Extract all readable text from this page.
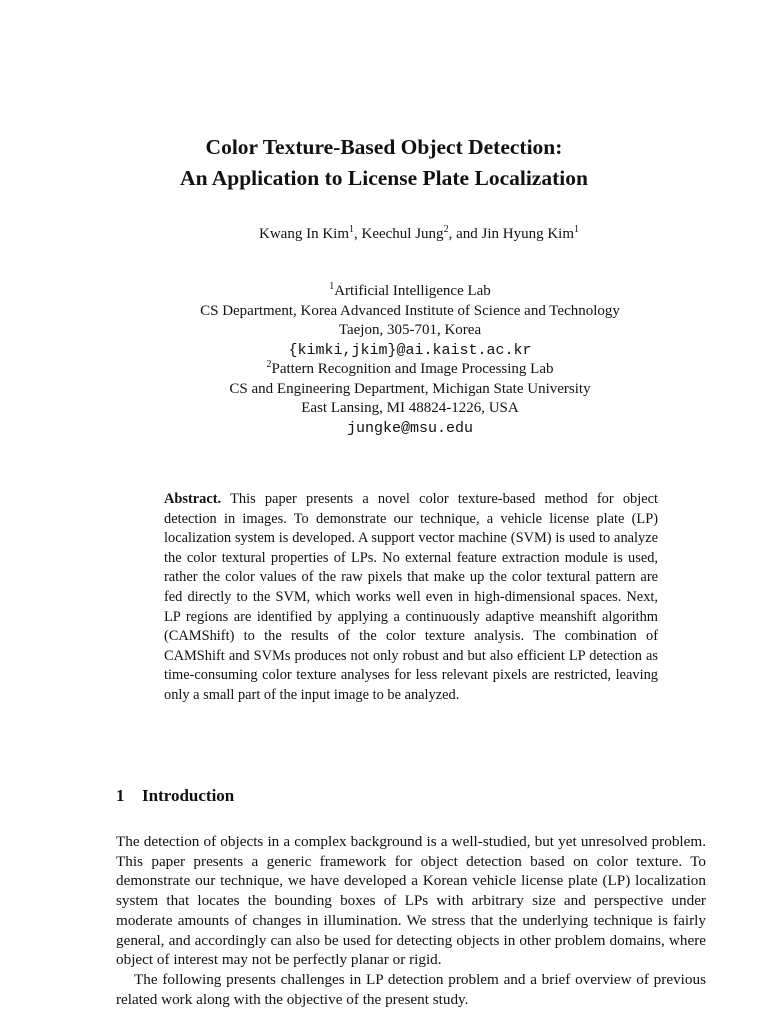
Color Texture-Based Object Detection:
An Application to License Plate Localization
Kwang In Kim$^1$, Keechul Jung$^2$, and Jin Hyung Kim$^1$
$^1$Artificial Intelligence Lab
CS Department, Korea Advanced Institute of Science and Technology
Taejon, 305-701, Korea
{kimki,jkim}@ai.kaist.ac.kr
$^2$Pattern Recognition and Image Processing Lab
CS and Engineering Department, Michigan State University
East Lansing, MI 48824-1226, USA
jungke@msu.edu
Abstract. This paper presents a novel color texture-based method for object detection in images. To demonstrate our technique, a vehicle license plate (LP) localization system is developed. A support vector machine (SVM) is used to analyze the color textural properties of LPs. No external feature extraction module is used, rather the color values of the raw pixels that make up the color textural pattern are fed directly to the SVM, which works well even in high-dimensional spaces. Next, LP regions are identified by applying a continuously adaptive meanshift algorithm (CAMShift) to the results of the color texture analysis. The combination of CAMShift and SVMs produces not only robust and but also efficient LP detection as time-consuming color texture analyses for less relevant pixels are restricted, leaving only a small part of the input image to be analyzed.
1 Introduction

The detection of objects in a complex background is a well-studied, but yet unresolved problem. This paper presents a generic framework for object detection based on color texture. To demonstrate our technique, we have developed a Korean vehicle license plate (LP) localization system that locates the bounding boxes of LPs with arbitrary size and perspective under moderate amounts of changes in illumination. We stress that the underlying technique is fairly general, and accordingly can also be used for detecting objects in other problem domains, where object of interest may not be perfectly planar or rigid.

The following presents challenges in LP detection problem and a brief overview of previous related work along with the objective of the present study.
